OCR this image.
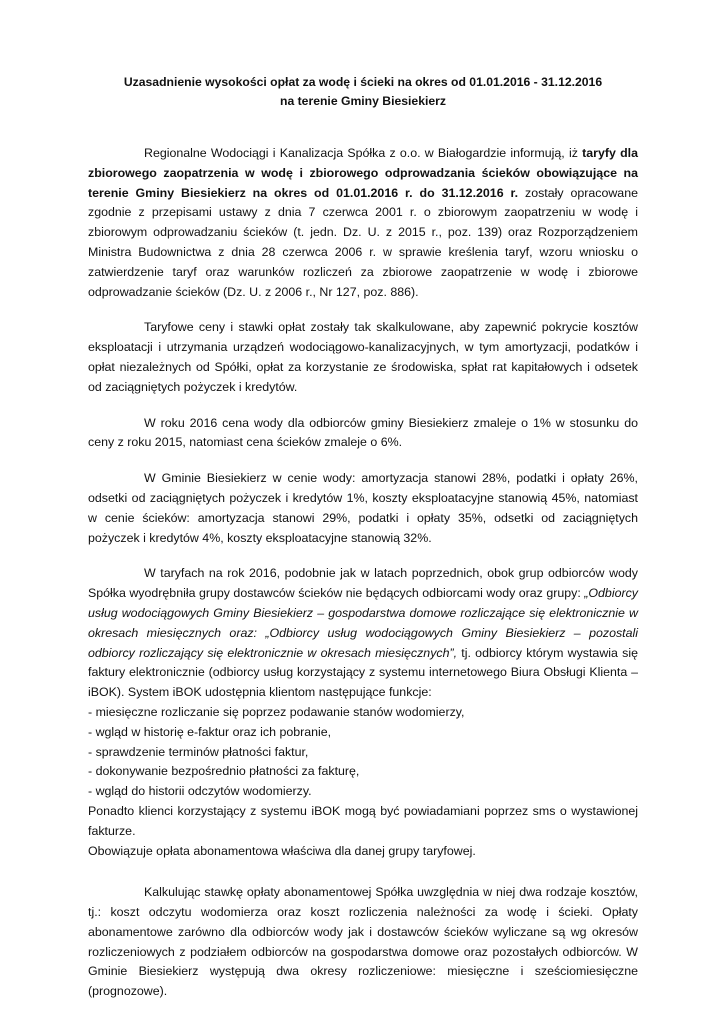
Uzasadnienie wysokości opłat za wodę i ścieki na okres od 01.01.2016 - 31.12.2016
na terenie Gminy Biesiekierz

Regionalne Wodociągi i Kanalizacja Spółka z o.o. w Białogardzie informują, iż taryfy dla zbiorowego zaopatrzenia w wodę i zbiorowego odprowadzania ścieków obowiązujące na terenie Gminy Biesiekierz na okres od 01.01.2016 r. do 31.12.2016 r. zostały opracowane zgodnie z przepisami ustawy z dnia 7 czerwca 2001 r. o zbiorowym zaopatrzeniu w wodę i zbiorowym odprowadzaniu ścieków (t. jedn. Dz. U. z 2015 r., poz. 139) oraz Rozporządzeniem Ministra Budownictwa z dnia 28 czerwca 2006 r. w sprawie kreślenia taryf, wzoru wniosku o zatwierdzenie taryf oraz warunków rozliczeń za zbiorowe zaopatrzenie w wodę i zbiorowe odprowadzanie ścieków (Dz. U. z 2006 r., Nr 127, poz. 886).

Taryfowe ceny i stawki opłat zostały tak skalkulowane, aby zapewnić pokrycie kosztów eksploatacji i utrzymania urządzeń wodociągowo-kanalizacyjnych, w tym amortyzacji, podatków i opłat niezależnych od Spółki, opłat za korzystanie ze środowiska, spłat rat kapitałowych i odsetek od zaciągniętych pożyczek i kredytów.

W roku 2016 cena wody dla odbiorców gminy Biesiekierz zmaleje o 1% w stosunku do ceny z roku 2015, natomiast cena ścieków zmaleje o 6%.

W Gminie Biesiekierz w cenie wody: amortyzacja stanowi 28%, podatki i opłaty 26%, odsetki od zaciągniętych pożyczek i kredytów 1%, koszty eksploatacyjne stanowią 45%, natomiast w cenie ścieków: amortyzacja stanowi 29%, podatki i opłaty 35%, odsetki od zaciągniętych pożyczek i kredytów 4%, koszty eksploatacyjne stanowią 32%.

W taryfach na rok 2016, podobnie jak w latach poprzednich, obok grup odbiorców wody Spółka wyodrębniła grupy dostawców ścieków nie będących odbiorcami wody oraz grupy: „Odbiorcy usług wodociągowych Gminy Biesiekierz – gospodarstwa domowe rozliczające się elektronicznie w okresach miesięcznych oraz: „Odbiorcy usług wodociągowych Gminy Biesiekierz – pozostali odbiorcy rozliczający się elektronicznie w okresach miesięcznych”, tj. odbiorcy którym wystawia się faktury elektronicznie (odbiorcy usług korzystający z systemu internetowego Biura Obsługi Klienta – iBOK). System iBOK udostępnia klientom następujące funkcje:

- miesięczne rozliczanie się poprzez podawanie stanów wodomierzy,
- wgląd w historię e-faktur oraz ich pobranie,
- sprawdzenie terminów płatności faktur,
- dokonywanie bezpośrednio płatności za fakturę,
- wgląd do historii odczytów wodomierzy.
Ponadto klienci korzystający z systemu iBOK mogą być powiadamiani poprzez sms o wystawionej fakturze.
Obowiązuje opłata abonamentowa właściwa dla danej grupy taryfowej.

Kalkulując stawkę opłaty abonamentowej Spółka uwzględnia w niej dwa rodzaje kosztów, tj.: koszt odczytu wodomierza oraz koszt rozliczenia należności za wodę i ścieki. Opłaty abonamentowe zarówno dla odbiorców wody jak i dostawców ścieków wyliczane są wg okresów rozliczeniowych z podziałem odbiorców na gospodarstwa domowe oraz pozostałych odbiorców. W Gminie Biesiekierz występują dwa okresy rozliczeniowe: miesięczne i sześciomiesięczne (prognozowe).
